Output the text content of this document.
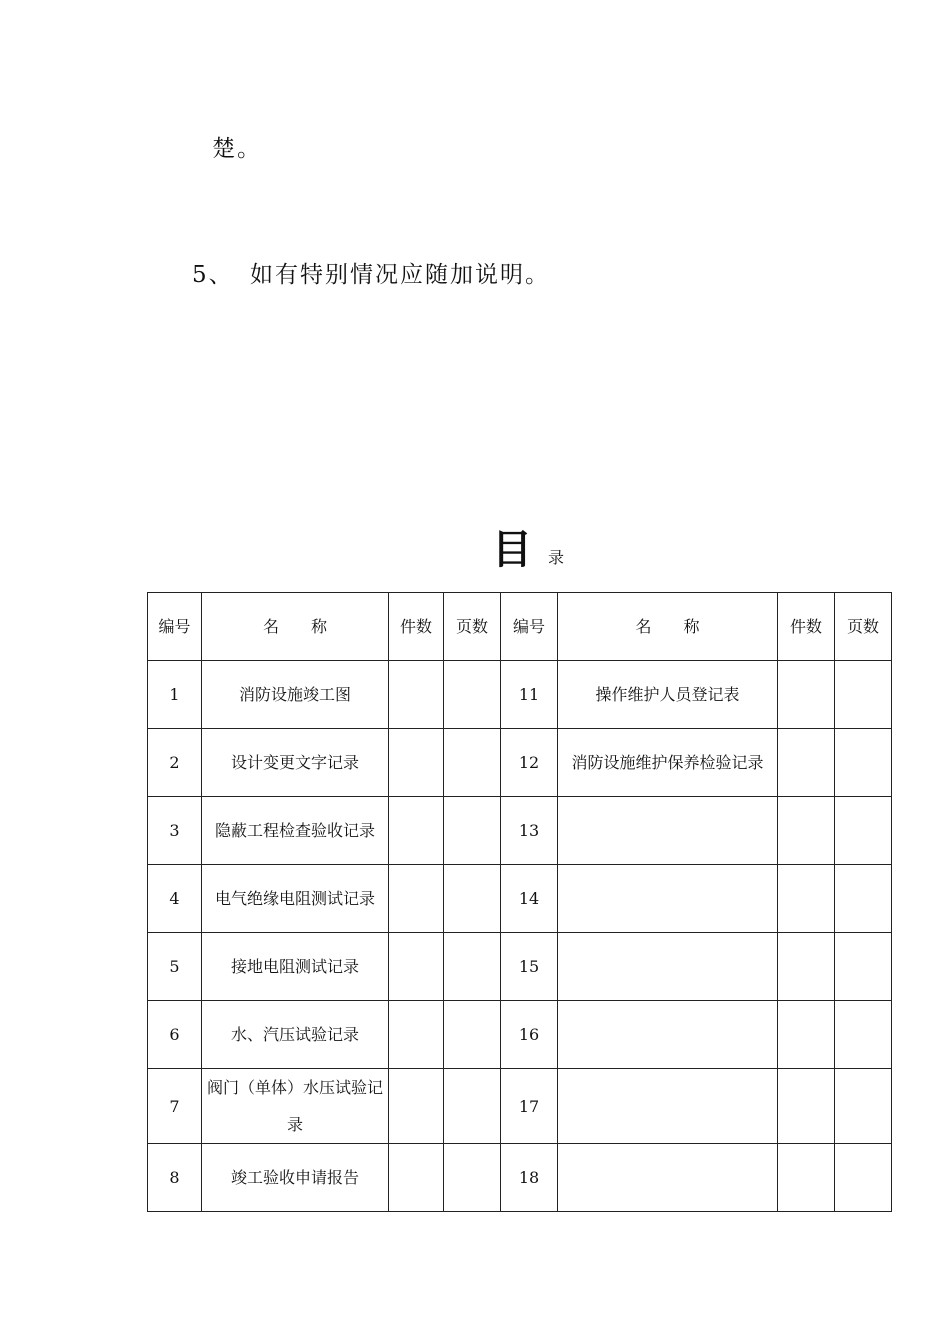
楚。
5、 如有特别情况应随加说明。
目 录
编号	名　　称	件数	页数	编号	名　　称	件数	页数
1	消防设施竣工图			11	操作维护人员登记表		
2	设计变更文字记录			12	消防设施维护保养检验记录		
3	隐蔽工程检查验收记录			13			
4	电气绝缘电阻测试记录			14			
5	接地电阻测试记录			15			
6	水、汽压试验记录			16			
7	阀门（单体）水压试验记录			17			
8	竣工验收申请报告			18			
